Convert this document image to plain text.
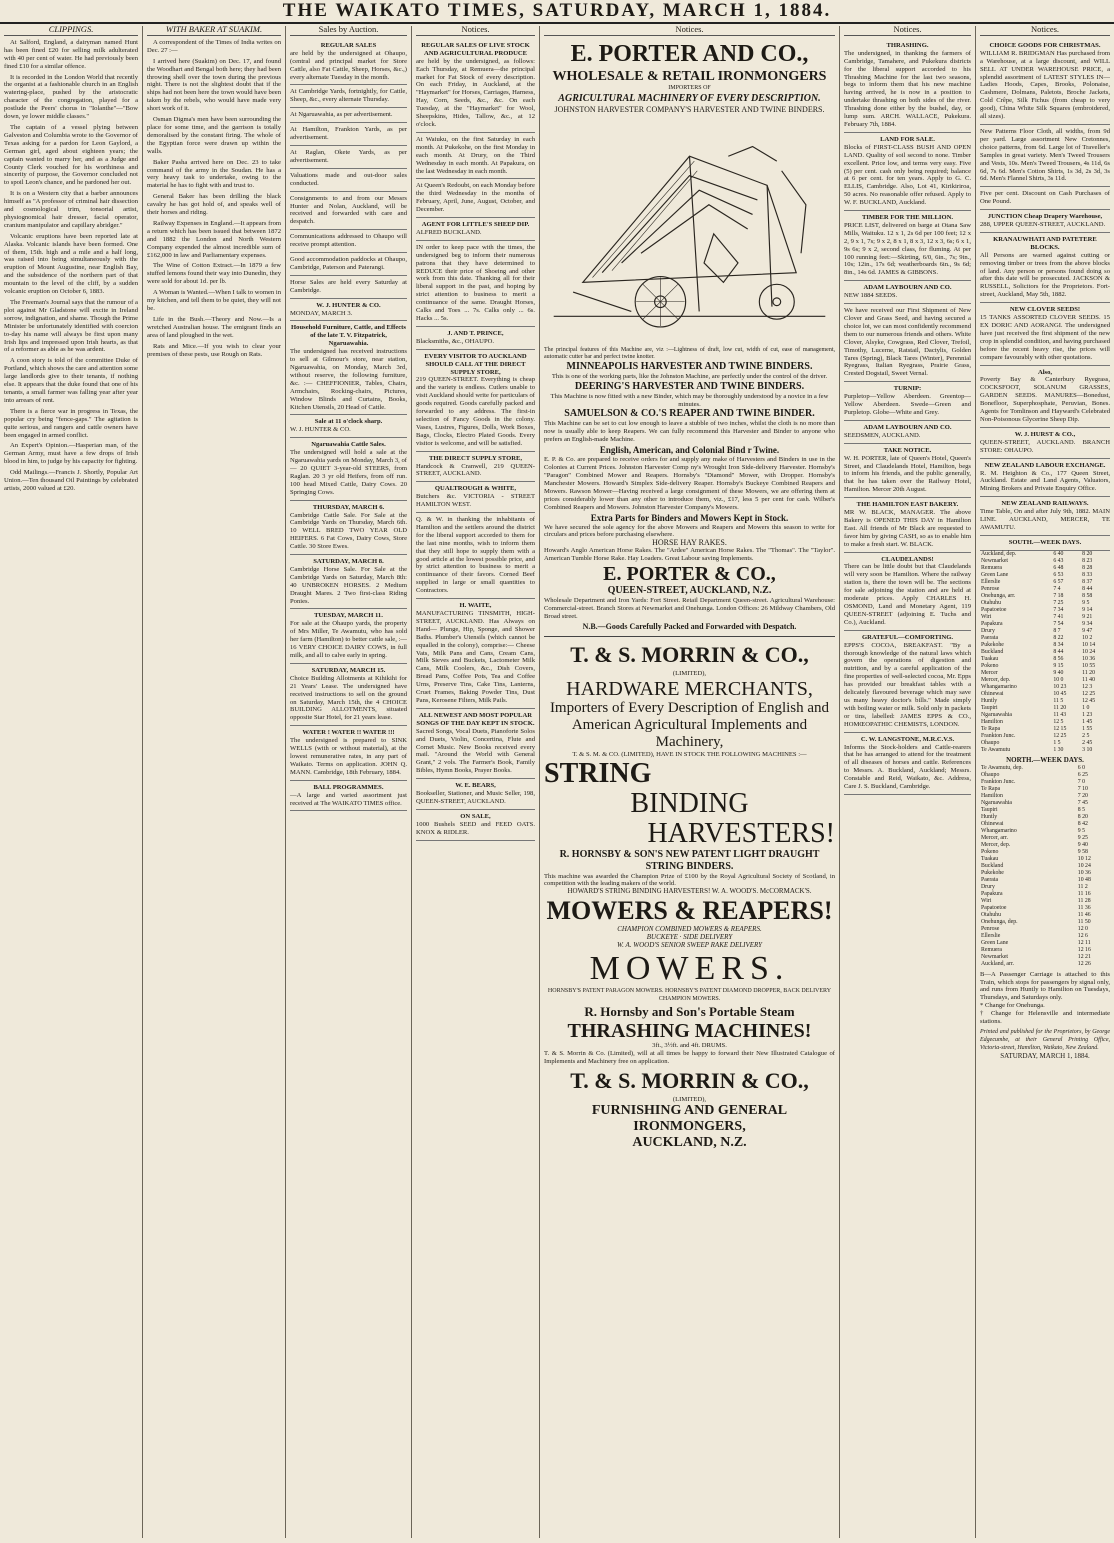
THE WAIKATO TIMES, SATURDAY, MARCH 1, 1884.
CLIPPINGS.

At Salford, England, a dairyman named Hunt has been fined £20 for selling milk adulterated with 40 per cent of water. He had previously been fined £10 for a similar offence.

It is recorded in the London World that recently the organist at a fashionable church in an English watering-place, pushed by the aristocratic character of the congregation, played for a postlude the Peers' chorus in "Iolanthe"—"Bow down, ye lower middle classes."

The captain of a vessel plying between Galveston and Columbia wrote to the Governor of Texas asking for a pardon for Leon Gaylord, a German girl, aged about eighteen years; the captain wanted to marry her, and as a Judge and County Clerk vouched for his worthiness and sincerity of purpose, the Governor concluded not to spoil Leon's chance, and he pardoned her out.

It is on a Western city that a barber announces himself as "A professor of criminal hair dissection and cosmological trim, tonsorial artist, physiognomical hair dresser, facial operator, cranium manipulator and capillary abridger."

Volcanic eruptions have been reported late at Alaska. Volcanic islands have been formed. One of them, 15th. high and a mile and a half long, was raised into being simultaneously with the eruption of Mount Augustine, near English Bay, and the subsidence of the northern part of that mountain to the level of the cliff, by a sudden volcanic eruption on October 6, 1883.

The Freeman's Journal says that the rumour of a plot against Mr Gladstone will excite in Ireland sorrow, indignation, and shame. Though the Prime Minister be unfortunately identified with coercion to-day his name will always be first upon many Irish lips and impressed upon Irish hearts, as that of a reformer as able as he was ardent.

A coon story is told of the committee Duke of Portland, which shows the care and attention some large landlords give to their tenants, if nothing else. It appears that the duke found that one of his tenants, a small farmer was falling year after year into arrears of rent.

There is a fierce war in progress in Texas, the popular cry being "fence-gaps." The agitation is quite serious, and rangers and cattle owners have been engaged in armed conflict.

An Expert's Opinion.—Hasperian man, of the German Army, must have a few drops of Irish blood in him, to judge by his capacity for fighting.

Odd Mailings.—Francis J. Shortly, Popular Art Union.—Ten thousand Oil Paintings by celebrated artists, 2000 valued at £20.

WITH BAKER AT SUAKIM.

A correspondent of the Times of India writes on Dec. 27 :—

I arrived here (Suakim) on Dec. 17, and found the Woodhart and Bengal both here; they had been throwing shell over the town during the previous night. There is not the slightest doubt that if the ships had not been here the town would have been taken by the rebels, who would have made very short work of it.

Osman Digma's men have been surrounding the place for some time, and the garrison is totally demoralised by the constant firing. The whole of the Egyptian force were drawn up within the walls.

Baker Pasha arrived here on Dec. 23 to take command of the army in the Soudan. He has a very heavy task to undertake, owing to the material he has to fight with and trust to.

General Baker has been drilling the black cavalry he has got hold of, and speaks well of their horses and riding.

Railway Expenses in England.—It appears from a return which has been issued that between 1872 and 1882 the London and North Western Company expended the almost incredible sum of £162,000 in law and Parliamentary expenses.

The Wine of Cotton Extract.—In 1879 a few stuffed lemons found their way into Dunedin, they were sold for about 1d. per lb.

A Woman is Wanted.—When I talk to women in my kitchen, and tell them to be quiet, they will not be.

Life in the Bush.—Theory and Now.—Is a wretched Australian house. The emigrant finds an area of land ploughed in the wet.

Rats and Mice.—If you wish to clear your premises of these pests, use Rough on Rats.

Sales by Auction.
REGULAR SALES
are held by the undersigned at Ohaupo, (central and principal market for Store Cattle, also Fat Cattle, Sheep, Horses, &c.,) every alternate Tuesday in the month.
At Cambridge Yards, fortnightly, for Cattle, Sheep, &c., every alternate Thursday.
At Ngaruawahia, as per advertisement.
At Hamilton, Frankton Yards, as per advertisement.
At Raglan, Okete Yards, as per advertisement.
Valuations made and out-door sales conducted.
Consignments to and from our Messrs Hunter and Nolan, Auckland, will be received and forwarded with care and despatch.
Communications addressed to Ohaupo will receive prompt attention.
Good accommodation paddocks at Ohaupo, Cambridge, Paterson and Paterangi.
Horse Sales are held every Saturday at Cambridge.
W. J. HUNTER & CO.
MONDAY, MARCH 3.
Household Furniture, Cattle, and Effects of the late T. V. Fitzpatrick, Ngaruawahia.
The undersigned has received instructions to sell at Gilmour's store, near station, Ngaruawahia, on Monday, March 3rd, without reserve, the following furniture, &c. :— CHEFFIONIER, Tables, Chairs, Armchairs, Rocking-chairs, Pictures, Window Blinds and Curtains, Books, Kitchen Utensils, 20 Head of Cattle.
Sale at 11 o'clock sharp.
W. J. HUNTER & CO.
Ngaruawahia Cattle Sales.
The undersigned will hold a sale at the Ngaruawahia yards on Monday, March 3, of — 20 QUIET 3-year-old STEERS, from Raglan. 20 3 yr old Heifers, from off run. 100 head Mixed Cattle, Dairy Cows. 20 Springing Cows.
THURSDAY, MARCH 6.
Cambridge Cattle Sale. For Sale at the Cambridge Yards on Thursday, March 6th. 10 WELL BRED TWO YEAR OLD HEIFERS. 6 Fat Cows, Dairy Cows, Store Cattle. 30 Store Ewes.
SATURDAY, MARCH 8.
Cambridge Horse Sale. For Sale at the Cambridge Yards on Saturday, March 8th: 40 UNBROKEN HORSES. 2 Medium Draught Mares. 2 Two first-class Riding Ponies.
TUESDAY, MARCH 11.
For sale at the Ohaupo yards, the property of Mrs Miller, Te Awamutu, who has sold her farm (Hamilton) to better cattle sale, :— 16 VERY CHOICE DAIRY COWS, in full milk, and all to calve early in spring.
SATURDAY, MARCH 15.
Choice Building Allotments at Kihikihi for 21 Years' Lease. The undersigned have received instructions to sell on the ground on Saturday, March 15th, the 4 CHOICE BUILDING ALLOTMENTS, situated opposite Star Hotel, for 21 years lease.
WATER ! WATER !! WATER !!!
The undersigned is prepared to SINK WELLS (with or without material), at the lowest remunerative rates, in any part of Waikato. Terms on application. JOHN Q. MANN. Cambridge, 18th February, 1884.
BALL PROGRAMMES.
—A large and varied assortment just received at The WAIKATO TIMES office.
Notices.
REGULAR SALES OF LIVE STOCK AND AGRICULTURAL PRODUCE
are held by the undersigned, as follows: Each Thursday, at Remuera—the principal market for Fat Stock of every description. On each Friday, in Auckland, at the "Haymarket" for Horses, Carriages, Harness, Hay, Corn, Seeds, &c., &c. On each Tuesday, at the "Haymarket" for Wool, Sheepskins, Hides, Tallow, &c., at 12 o'clock.
At Waiuku, on the first Saturday in each month. At Pukekohe, on the first Monday in each month. At Drury, on the Third Wednesday in each month. At Papakura, on the last Wednesday in each month.
At Queen's Redoubt, on each Monday before the third Wednesday in the months of February, April, June, August, October, and December.
AGENT FOR LITTLE'S SHEEP DIP.
ALFRED BUCKLAND.
IN order to keep pace with the times, the undersigned beg to inform their numerous patrons that they have determined to REDUCE their price of Shoeing and other work from this date. Thanking all for their liberal support in the past, and hoping by strict attention to business to merit a continuance of the same. Draught Horses, Calks and Toes ... 7s. Calks only ... 6s. Hacks ... 5s.
J. AND T. PRINCE,
Blacksmiths, &c., OHAUPO.
EVERY VISITOR TO AUCKLAND SHOULD CALL AT THE DIRECT SUPPLY STORE,
219 QUEEN-STREET. Everything is cheap and the variety is endless. Cutlers unable to visit Auckland should write for particulars of goods required. Goods carefully packed and forwarded to any address. The first-in selection of Fancy Goods in the colony. Vases, Lustres, Figures, Dolls, Work Boxes, Bags, Clocks, Electro Plated Goods. Every visitor is welcome, and will be satisfied.
THE DIRECT SUPPLY STORE,
Handcock & Cranwell, 219 QUEEN-STREET, AUCKLAND.
QUALTROUGH & WHITE,
Butchers &c. VICTORIA - STREET HAMILTON WEST.
Q. & W. in thanking the inhabitants of Hamilton and the settlers around the district for the liberal support accorded to them for the last nine months, wish to inform them that they still hope to supply them with a good article at the lowest possible price, and by strict attention to business to merit a continuance of their favors. Corned Beef supplied in large or small quantities to Contractors.
H. WAITE,
MANUFACTURING TINSMITH, HIGH-STREET, AUCKLAND. Has Always on Hand— Plunge, Hip, Sponge, and Shower Baths. Plumber's Utensils (which cannot be equalled in the colony), comprise:— Cheese Vats, Milk Pans and Cans, Cream Cans, Milk Sieves and Buckets, Lactometer Milk Cans, Milk Coolers, &c., Dish Covers, Bread Pans, Coffee Pots, Tea and Coffee Urns, Preserve Tins, Cake Tins, Lanterns, Cruet Frames, Baking Powder Tins, Dust Pans, Kerosene Filters, Milk Pails.
ALL NEWEST AND MOST POPULAR SONGS OF THE DAY KEPT IN STOCK.
Sacred Songs, Vocal Duets, Pianoforte Solos and Duets, Violin, Concertina, Flute and Cornet Music. New Books received every mail. "Around the World with General Grant," 2 vols. The Farmer's Book, Family Bibles, Hymn Books, Prayer Books.
W. E. BEARS,
Bookseller, Stationer, and Music Seller, 198, QUEEN-STREET, AUCKLAND.
ON SALE,
1000 Bushels SEED and FEED OATS. KNOX & RIDLER.
Notices.
E. PORTER AND CO.,
WHOLESALE & RETAIL IRONMONGERS
IMPORTERS OF
AGRICULTURAL MACHINERY OF EVERY DESCRIPTION.
JOHNSTON HARVESTER COMPANY'S HARVESTER AND TWINE BINDERS.
The principal features of this Machine are, viz :—Lightness of draft, low cut, width of cut, ease of management, automatic cutter bar and perfect twine knotter.
MINNEAPOLIS HARVESTER AND TWINE BINDERS.
This is one of the working parts, like the Johnston Machine, are perfectly under the control of the driver.
DEERING'S HARVESTER AND TWINE BINDERS.
This Machine is now fitted with a new Binder, which may be thoroughly understood by a novice in a few minutes.
SAMUELSON & CO.'S REAPER AND TWINE BINDER.
This Machine can be set to cut low enough to leave a stubble of two inches, whilst the cloth is no more than now is usually able to keep Reapers. We can fully recommend this Harvester and Binder to anyone who prefers an English-made Machine.
English, American, and Colonial Bind r Twine.
E. P. & Co. are prepared to receive orders for and supply any make of Harvesters and Binders in use in the Colonies at Current Prices. Johnston Harvester Comp ny's Wrought Iron Side-delivery Harvester. Hornsby's "Paragon" Combined Mower and Reapers. Hornsby's "Diamond" Mower, with Dropper. Hornsby's Manchester Mowers. Howard's Simplex Side-delivery Reaper. Hornsby's Buckeye Combined Reapers and Mowers. Rawson Mower—Having received a large consignment of these Mowers, we are offering them at prices considerably lower than any other to introduce them, viz., £17, less 5 per cent for cash. Wilber's Combined Reapers and Mowers. Johnston Harvester Company's Mowers.
Extra Parts for Binders and Mowers Kept in Stock.
We have secured the sole agency for the above Mowers and Reapers and Mowers this season to write for circulars and prices before purchasing elsewhere.
HORSE HAY RAKES.
Howard's Anglo American Horse Rakes. The "Ardee" American Horse Rakes. The "Thomas". The "Taylor". American Tumble Horse Rake. Hay Loaders. Great Labour saving Implements.
E. PORTER & CO.,
QUEEN-STREET, AUCKLAND, N.Z.
Wholesale Department and Iron Yards: Fort Street. Retail Department Queen-street. Agricultural Warehouse: Commercial-street. Branch Stores at Newmarket and Onehunga. London Offices: 26 Mildway Chambers, Old Broad street.
N.B.—Goods Carefully Packed and Forwarded with Despatch.
T. & S. MORRIN & CO.,
(LIMITED),
HARDWARE MERCHANTS,
Importers of Every Description of English and American Agricultural Implements and Machinery,
T. & S. M. & CO. (LIMITED), HAVE IN STOCK THE FOLLOWING MACHINES :—
STRING
BINDING
HARVESTERS!
R. HORNSBY & SON'S NEW PATENT LIGHT DRAUGHT STRING BINDERS.
This machine was awarded the Champion Prize of £100 by the Royal Agricultural Society of Scotland, in competition with the leading makers of the world.
HOWARD'S STRING BINDING HARVESTERS! W. A. WOOD'S. McCORMACK'S.
MOWERS & REAPERS!
CHAMPION COMBINED MOWERS & REAPERS.
BUCKEYE · SIDE DELIVERY
W. A. WOOD'S SENIOR SWEEP RAKE DELIVERY
MOWERS.
HORNSBY'S PATENT PARAGON MOWERS. HORNSBY'S PATENT DIAMOND DROPPER, BACK DELIVERY CHAMPION MOWERS.
R. Hornsby and Son's Portable Steam
THRASHING MACHINES!
3ft., 3½ft. and 4ft. DRUMS.
T. & S. Morrin & Co. (Limited), will at all times be happy to forward their New Illustrated Catalogue of Implements and Machinery free on application.
T. & S. MORRIN & CO.,
(LIMITED),
FURNISHING AND GENERAL IRONMONGERS,
AUCKLAND, N.Z.
Notices.
THRASHING.
The undersigned, in thanking the farmers of Cambridge, Tamahere, and Pukekura districts for the liberal support accorded to his Thrashing Machine for the last two seasons, begs to inform them that his new machine having arrived, he is now in a position to undertake thrashing on both sides of the river. Thrashing done either by the bushel, day, or lump sum. ARCH. WALLACE, Pukekura. February 7th, 1884.
LAND FOR SALE.
Blocks of FIRST-CLASS BUSH AND OPEN LAND. Quality of soil second to none. Timber excellent. Price low, and terms very easy. Five (5) per cent. cash only being required; balance at 6 per cent. for ten years. Apply to G. C. ELLIS, Cambridge. Also, Lot 41, Kirikiriroa, 50 acres. No reasonable offer refused. Apply to W. F. BUCKLAND, Auckland.
TIMBER FOR THE MILLION.
PRICE LIST, delivered on barge at Otana Saw Mills, Waituku. 12 x 1, 2s 6d per 100 feet; 12 x 2, 9 x 1, 7s; 9 x 2, 8 x 1, 8 x 3, 12 x 3, 6s; 6 x 1, 9s 6s; 9 x 2, second class, for fluming. At per 100 running feet:—Skirting, 6/0, 6in., 7s; 9in., 10s; 12in., 17s 6d; weatherboards 6in., 9s 6d; 8in., 14s 6d. JAMES & GIBBONS.
ADAM LAYBOURN AND CO.
NEW 1884 SEEDS.
We have received our First Shipment of New Clover and Grass Seed, and having secured a choice lot, we can most confidently recommend them to our numerous friends and others. White Clover, Alsyke, Cowgrass, Red Clover, Trefoil, Timothy, Lucerne, Ratstail, Dactylis, Golden Tares (Spring), Black Tares (Winter), Perennial Ryegrass, Italian Ryegrass, Prairie Grass, Crested Dogstail, Sweet Vernal.
TURNIP:
Purpletop—Yellow Aberdeen. Greentop—Yellow Aberdeen. Swede—Green and Purpletop. Globe—White and Grey.
ADAM LAYBOURN AND CO.
SEEDSMEN, AUCKLAND.
TAKE NOTICE.
W. H. PORTER, late of Queen's Hotel, Queen's Street, and Claudelands Hotel, Hamilton, begs to inform his friends, and the public generally, that he has taken over the Railway Hotel, Hamilton. Mercer 20th August.
THE HAMILTON EAST BAKERY.
MR W. BLACK, MANAGER. The above Bakery is OPENED THIS DAY in Hamilton East. All friends of Mr Black are requested to favor him by giving CASH, so as to enable him to make a fresh start. W. BLACK.
CLAUDELANDS!
There can be little doubt but that Claudelands will very soon be Hamilton. Where the railway station is, there the town will be. The sections for sale adjoining the station and are held at moderate prices. Apply CHARLES H. OSMOND, Land and Monetary Agent, 119 QUEEN-STREET (adjoining E. Tuchs and Co.), Auckland.
GRATEFUL—COMFORTING.
EPPS'S COCOA, BREAKFAST. "By a thorough knowledge of the natural laws which govern the operations of digestion and nutrition, and by a careful application of the fine properties of well-selected cocoa, Mr. Epps has provided our breakfast tables with a delicately flavoured beverage which may save us many heavy doctor's bills." Made simply with boiling water or milk. Sold only in packets or tins, labelled: JAMES EPPS & CO., HOMŒOPATHIC CHEMISTS, LONDON.
C. W. LANGSTONE, M.R.C.V.S.
Informs the Stock-holders and Cattle-rearers that he has arranged to attend for the treatment of all diseases of horses and cattle. References to Messrs. A. Buckland, Auckland; Messrs. Constable and Reid, Waikato, &c. Address, Care J. S. Buckland, Cambridge.
Notices.
CHOICE GOODS FOR CHRISTMAS.
WILLIAM R. BRIDGMAN Has purchased from a Warehouse, at a large discount, and WILL SELL AT UNDER WAREHOUSE PRICE, a splendid assortment of LATEST STYLES IN— Ladies Hoods, Capes, Brooks, Polonaise, Cashmere, Dolmans, Paletots, Broche Jackets, Cold Crêpe, Silk Fichus (from cheap to very good), China White Silk Squares (embroidered, all sizes).
New Patterns Floor Cloth, all widths, from 9d per yard. Large assortment New Cretonnes, choice patterns, from 6d. Large lot of Traveller's Samples in great variety. Men's Tweed Trousers and Vests, 10s. Men's Tweed Trousers, 4s 11d, 6s 6d, 7s 6d. Men's Cotton Shirts, 1s 3d, 2s 3d, 3s 6d. Men's Flannel Shirts, 3s 11d.
Five per cent. Discount on Cash Purchases of One Pound.
JUNCTION Cheap Drapery Warehouse,
288, UPPER QUEEN-STREET, AUCKLAND.
KRANAUWHATI AND PATETERE BLOCKS.
All Persons are warned against cutting or removing timber or trees from the above blocks of land. Any person or persons found doing so after this date will be prosecuted. JACKSON & RUSSELL, Solicitors for the Proprietors. Fort-street, Auckland, May 5th, 1882.
NEW CLOVER SEEDS!
15 TANKS ASSORTED CLOVER SEEDS. 15 EX DORIC AND AORANGI. The undersigned have just received the first shipment of the new crop in splendid condition, and having purchased before the recent heavy rise, the prices will compare favourably with other quotations.
Also,
Poverty Bay & Canterbury Ryegrass, COCKSFOOT, SOLANUM GRASSES, GARDEN SEEDS. MANURES—Bonedust, Bonefloor, Superphosphate, Peruvian, Bones. Agents for Tomlinson and Hayward's Celebrated Non-Poisonous Glycerine Sheep Dip.
W. J. HURST & CO.,
QUEEN-STREET, AUCKLAND. BRANCH STORE: OHAUPO.
NEW ZEALAND LABOUR EXCHANGE.
R. M. Heighton & Co., 177 Queen Street, Auckland. Estate and Land Agents, Valuators, Mining Brokers and Private Enquiry Office.
NEW ZEALAND RAILWAYS.
Time Table, On and after July 9th, 1882. MAIN LINE. AUCKLAND, MERCER, TE AWAMUTU.
SOUTH.—WEEK DAYS.
Auckland, dep.	6 40	8 20
Newmarket	6 43	8 23
Remuera	6 48	8 28
Green Lane	6 53	8 33
Ellerslie	6 57	8 37
Penrose	7 4	8 44
Onehunga, arr.	7 18	8 58
Otahuhu	7 25	9 5
Papatoetoe	7 34	9 14
Wiri	7 41	9 21
Papakura	7 54	9 34
Drury	8 7	9 47
Paerata	8 22	10 2
Pukekohe	8 34	10 14
Buckland	8 44	10 24
Tuakau	8 56	10 36
Pokeno	9 15	10 55
Mercer	9 40	11 20
Mercer, dep.	10 0	11 40
Whangamarino	10 23	12 3
Ohinewai	10 45	12 25
Huntly	11 5	12 45
Taupiri	11 20	1 0
Ngaruawahia	11 43	1 23
Hamilton	12 5	1 45
Te Rapa	12 15	1 55
Frankton Junc.	12 25	2 5
Ohaupo	1 5	2 45
Te Awamutu	1 30	3 10
NORTH.—WEEK DAYS.
Te Awamutu, dep.	6 0
Ohaupo	6 25
Frankton Junc.	7 0
Te Rapa	7 10
Hamilton	7 20
Ngaruawahia	7 45
Taupiri	8 5
Huntly	8 20
Ohinewai	8 42
Whangamarino	9 5
Mercer, arr.	9 25
Mercer, dep.	9 40
Pokeno	9 58
Tuakau	10 12
Buckland	10 24
Pukekohe	10 36
Paerata	10 48
Drury	11 2
Papakura	11 16
Wiri	11 28
Papatoetoe	11 36
Otahuhu	11 46
Onehunga, dep.	11 50
Penrose	12 0
Ellerslie	12 6
Green Lane	12 11
Remuera	12 16
Newmarket	12 21
Auckland, arr.	12 26
B—A Passenger Carriage is attached to this Train, which stops for passengers by signal only, and runs from Huntly to Hamilton on Tuesdays, Thursdays, and Saturdays only.
* Change for Onehunga.
† Change for Helensville and intermediate stations.
Printed and published for the Proprietors, by George Edgecumbe, at their General Printing Office, Victoria-street, Hamilton, Waikato, New Zealand.
SATURDAY, MARCH 1, 1884.
